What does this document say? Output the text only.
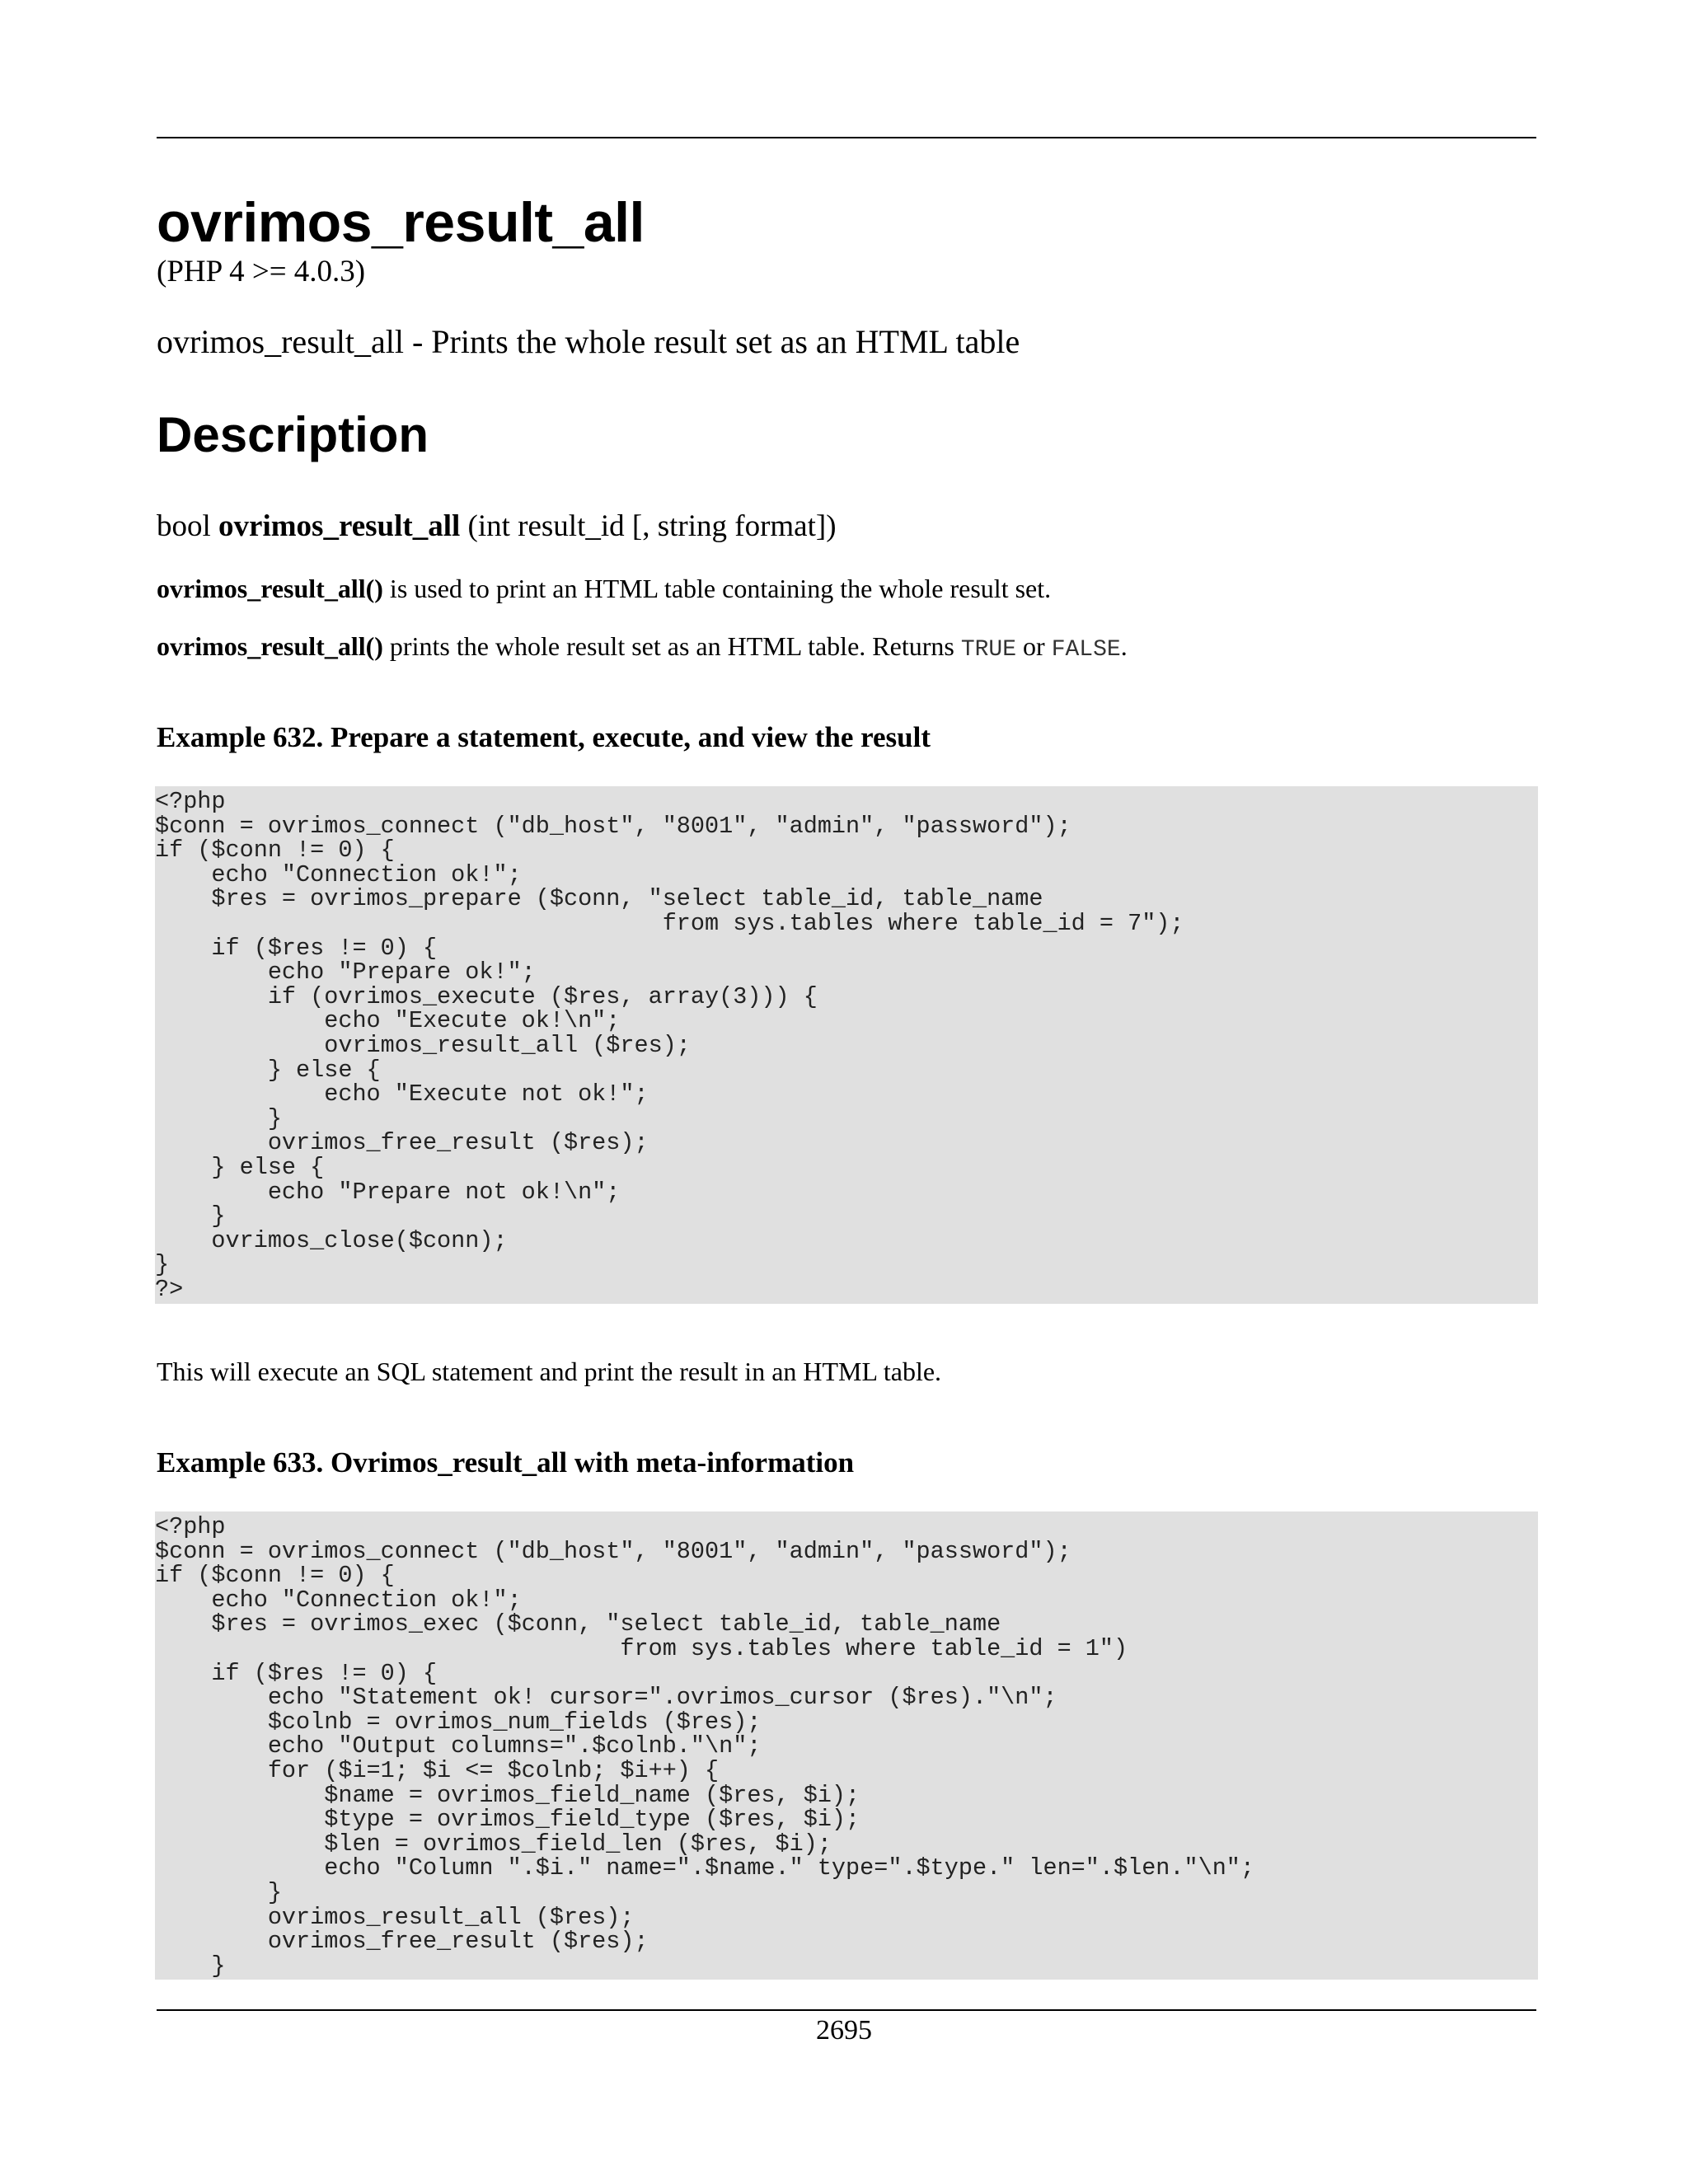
ovrimos_result_all
(PHP 4 >= 4.0.3)
ovrimos_result_all - Prints the whole result set as an HTML table
Description
bool ovrimos_result_all (int result_id [, string format])

ovrimos_result_all() is used to print an HTML table containing the whole result set.

ovrimos_result_all() prints the whole result set as an HTML table. Returns TRUE or FALSE.

Example 632. Prepare a statement, execute, and view the result
<?php
$conn = ovrimos_connect ("db_host", "8001", "admin", "password");
if ($conn != 0) {
echo "Connection ok!";
$res = ovrimos_prepare ($conn, "select table_id, table_name
from sys.tables where table_id = 7");
if ($res != 0) {
echo "Prepare ok!";
if (ovrimos_execute ($res, array(3))) {
echo "Execute ok!\n";
ovrimos_result_all ($res);
} else {
echo "Execute not ok!";
}
ovrimos_free_result ($res);
} else {
echo "Prepare not ok!\n";
}
ovrimos_close($conn);
}
?>

This will execute an SQL statement and print the result in an HTML table.

Example 633. Ovrimos_result_all with meta-information
<?php
$conn = ovrimos_connect ("db_host", "8001", "admin", "password");
if ($conn != 0) {
echo "Connection ok!";
$res = ovrimos_exec ($conn, "select table_id, table_name
from sys.tables where table_id = 1")
if ($res != 0) {
echo "Statement ok! cursor=".ovrimos_cursor ($res)."\n";
$colnb = ovrimos_num_fields ($res);
echo "Output columns=".$colnb."\n";
for ($i=1; $i <= $colnb; $i++) {
$name = ovrimos_field_name ($res, $i);
$type = ovrimos_field_type ($res, $i);
$len = ovrimos_field_len ($res, $i);
echo "Column ".$i." name=".$name." type=".$type." len=".$len."\n";
}
ovrimos_result_all ($res);
ovrimos_free_result ($res);
}
2695
